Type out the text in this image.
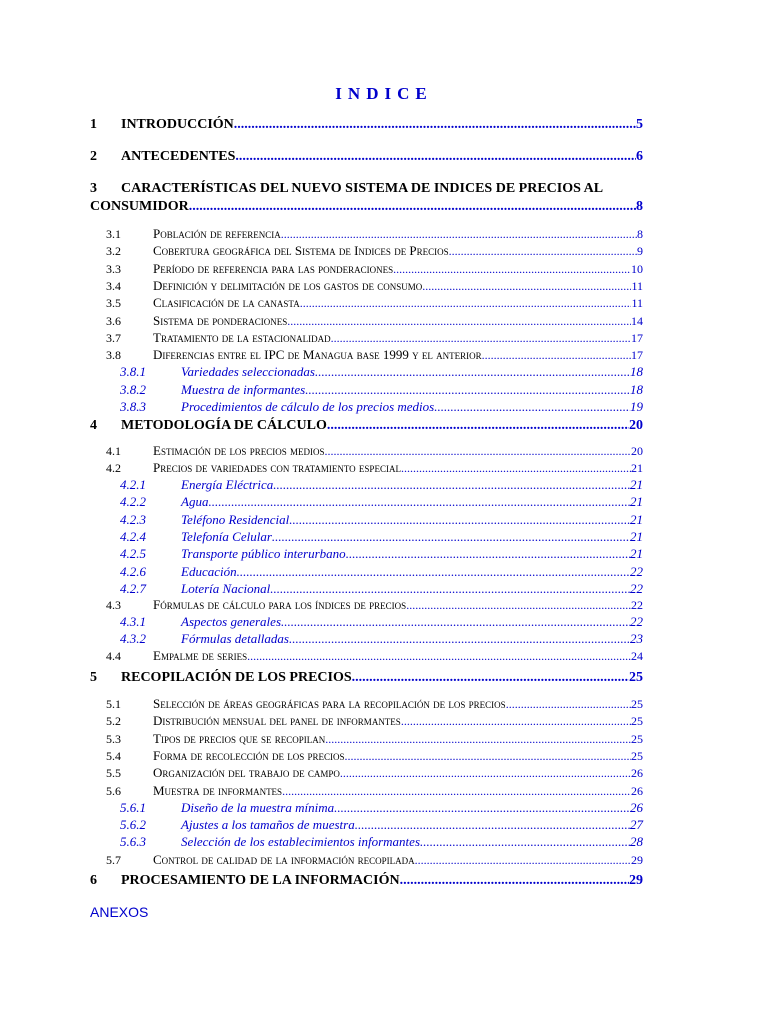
INDICE
1	INTRODUCCIÓN .....	5
2	ANTECEDENTES .....	6
3	CARACTERÍSTICAS DEL NUEVO SISTEMA DE INDICES DE PRECIOS AL
CONSUMIDOR .....	8
3.1	Población de referencia .....	8
3.2	Cobertura geográfica del Sistema de Indices de Precios .....	9
3.3	Período de referencia para las ponderaciones .....	10
3.4	Definición y delimitación de los gastos de consumo .....	11
3.5	Clasificación de la canasta .....	11
3.6	Sistema de ponderaciones .....	14
3.7	Tratamiento de la estacionalidad .....	17
3.8	Diferencias entre el IPC de Managua base 1999 y el anterior .....	17
3.8.1	Variedades seleccionadas .....	18
3.8.2	Muestra de informantes .....	18
3.8.3	Procedimientos de cálculo de los precios medios .....	19
4	METODOLOGÍA DE CÁLCULO .....	20
4.1	Estimación de los precios medios .....	20
4.2	Precios de variedades con tratamiento especial .....	21
4.2.1	Energía Eléctrica .....	21
4.2.2	Agua .....	21
4.2.3	Teléfono Residencial .....	21
4.2.4	Telefonía Celular .....	21
4.2.5	Transporte público interurbano .....	21
4.2.6	Educación .....	22
4.2.7	Lotería Nacional .....	22
4.3	Fórmulas de cálculo para los índices de precios .....	22
4.3.1	Aspectos generales .....	22
4.3.2	Fórmulas detalladas .....	23
4.4	Empalme de series .....	24
5	RECOPILACIÓN DE LOS PRECIOS .....	25
5.1	Selección de áreas geográficas para la recopilación de los precios .....	25
5.2	Distribución mensual del panel de informantes .....	25
5.3	Tipos de precios que se recopilan .....	25
5.4	Forma de recolección de los precios .....	25
5.5	Organización del trabajo de campo .....	26
5.6	Muestra de informantes .....	26
5.6.1	Diseño de la muestra mínima .....	26
5.6.2	Ajustes a los tamaños de muestra .....	27
5.6.3	Selección de los establecimientos informantes .....	28
5.7	Control de calidad de la información recopilada .....	29
6	PROCESAMIENTO DE LA INFORMACIÓN .....	29
ANEXOS
